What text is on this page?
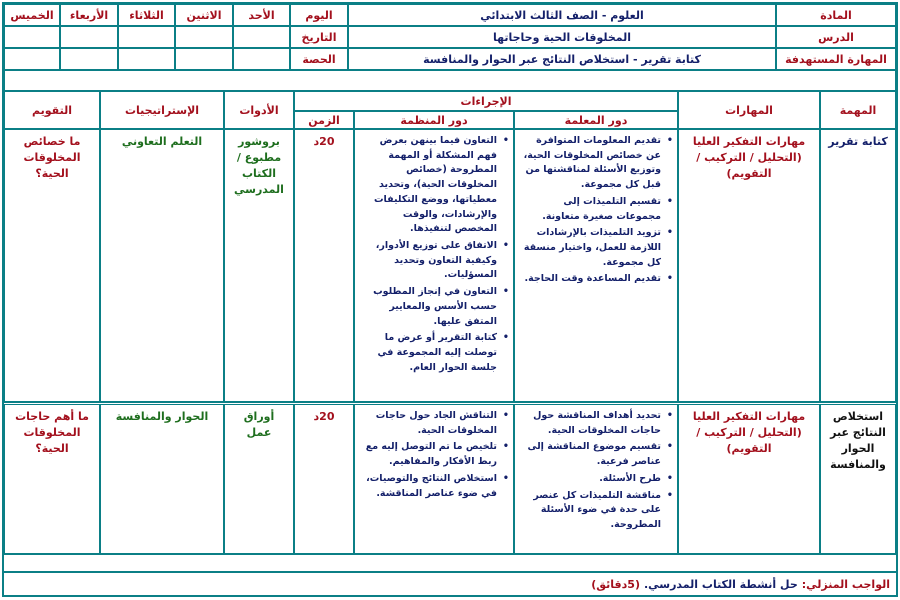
المادة
الدرس
المهارة المستهدفة
العلوم - الصف الثالث الابتدائي
المخلوقات الحية وحاجاتها
كتابة تقرير - استخلاص النتائج عبر الحوار والمنافسة
اليوم
التاريخ
الحصة
الأحد
الاثنين
الثلاثاء
الأربعاء
الخميس
المهمة
المهارات
الإجراءات
دور المعلمة
دور المنظمة
الزمن
الأدوات
الإستراتيجيات
التقويم
كتابة تقرير
مهارات التفكير العليا (التحليل / التركيب / التقويم)
• تقديم المعلومات المتوافرة عن خصائص المخلوقات الحية، وتوزيع الأسئلة لمناقشتها من قبل كل مجموعة.
• تقسيم التلميذات إلى مجموعات صغيرة متعاونة.
• تزويد التلميذات بالإرشادات اللازمة للعمل، واختيار منسقة كل مجموعة.
• تقديم المساعدة وقت الحاجة.
• التعاون فيما بينهن بعرض فهم المشكلة أو المهمة المطروحة (خصائص المخلوقات الحية)، وتحديد معطياتها، ووضع التكليفات والإرشادات، والوقت المخصص لتنفيذها.
• الاتفاق على توزيع الأدوار، وكيفية التعاون وتحديد المسؤليات.
• التعاون في إنجاز المطلوب حسب الأسس والمعايير المتفق عليها.
• كتابة التقرير أو عرض ما توصلت إليه المجموعة في جلسة الحوار العام.
20د
بروشور مطبوع / الكتاب المدرسي
التعلم التعاوني
ما خصائص المخلوقات الحية؟
استخلاص النتائج عبر الحوار والمنافسة
مهارات التفكير العليا (التحليل / التركيب / التقويم)
• تحديد أهداف المناقشة حول حاجات المخلوقات الحية.
• تقسيم موضوع المناقشة إلى عناصر فرعية.
• طرح الأسئلة.
• مناقشة التلميذات كل عنصر على حدة في ضوء الأسئلة المطروحة.
• التناقش الجاد حول حاجات المخلوقات الحية.
• تلخيص ما تم التوصل إليه مع ربط الأفكار والمفاهيم.
• استخلاص النتائج والتوصيات، في ضوء عناصر المناقشة.
20د
أوراق عمل
الحوار والمنافسة
ما أهم حاجات المخلوقات الحية؟
الواجب المنزلي:
حل أنشطة الكتاب المدرسي.
(5دقائق)
